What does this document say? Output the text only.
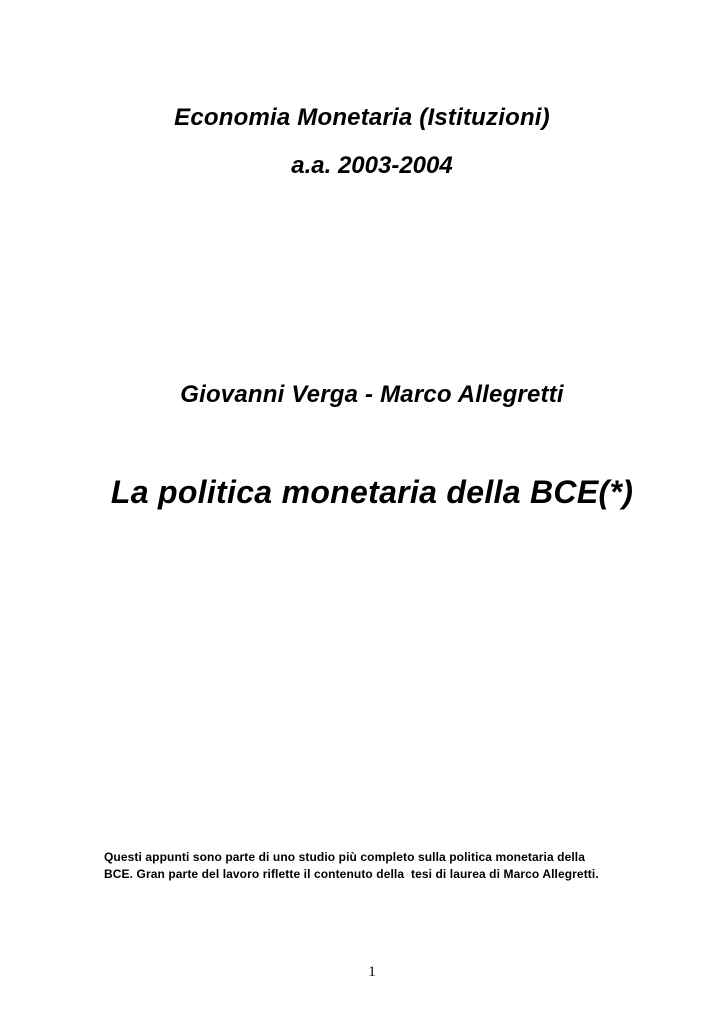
Economia Monetaria (Istituzioni)
a.a. 2003-2004
Giovanni Verga - Marco Allegretti
La politica monetaria della BCE(*)
Questi appunti sono parte di uno studio più completo sulla politica monetaria della
BCE. Gran parte del lavoro riflette il contenuto della  tesi di laurea di Marco Allegretti.
1
